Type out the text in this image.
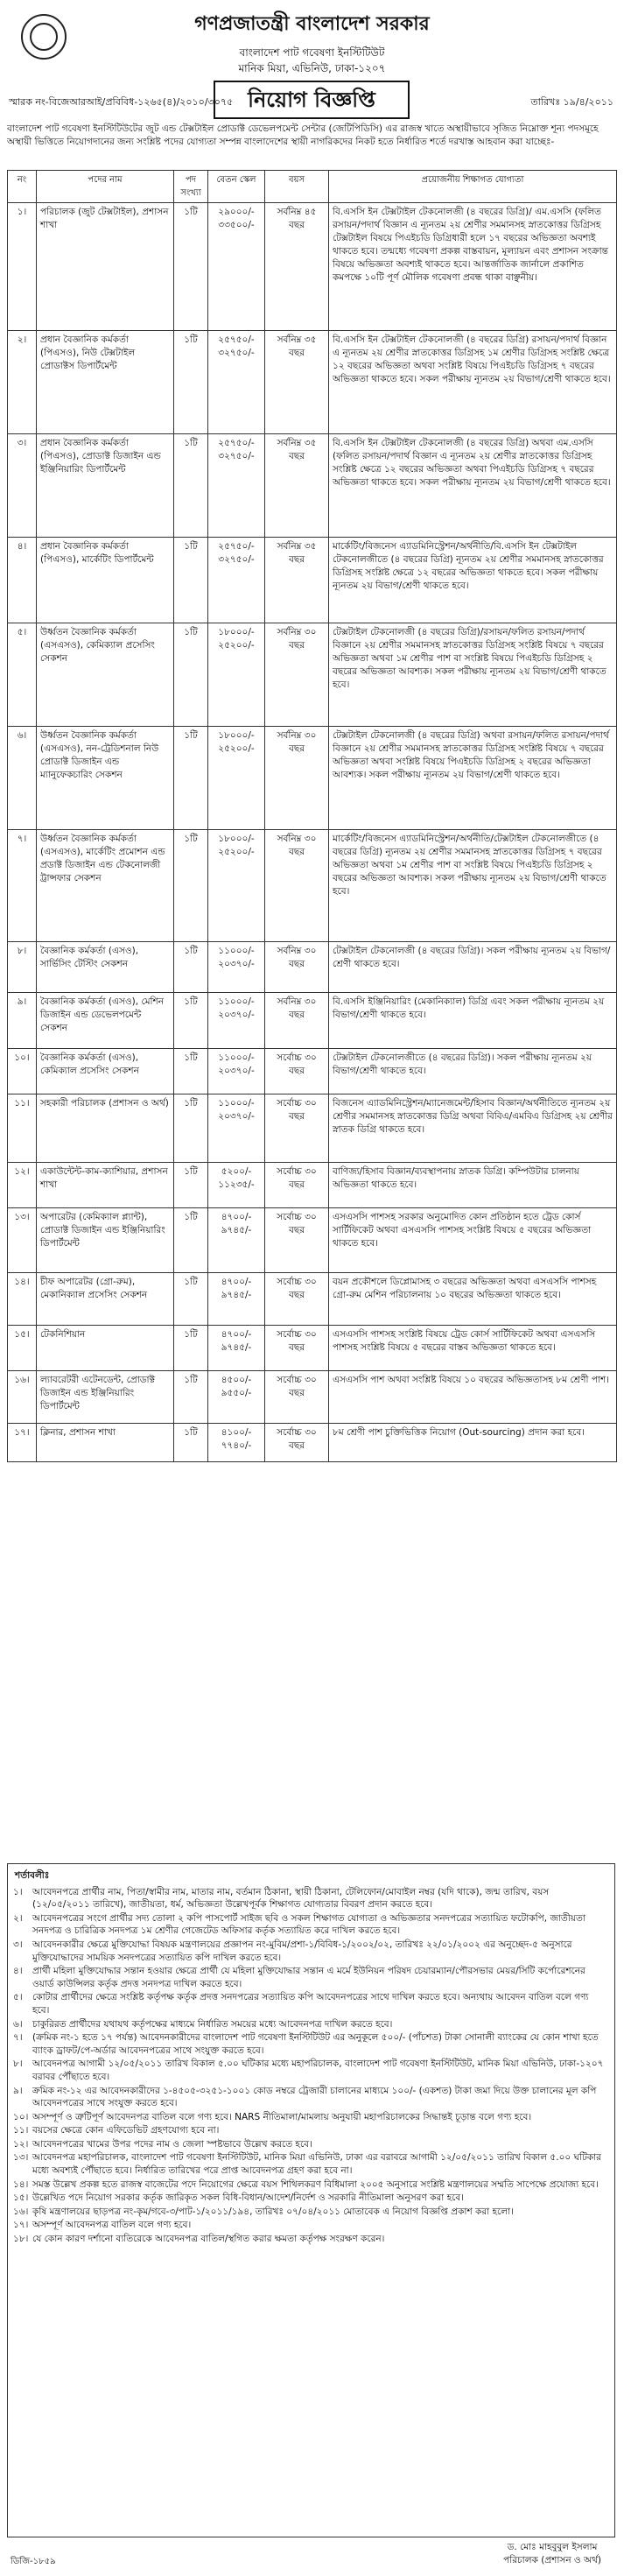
গণপ্রজাতন্ত্রী বাংলাদেশ সরকার
বাংলাদেশ পাট গবেষণা ইনস্টিটিউট
মানিক মিয়া, এভিনিউ, ঢাকা-১২০৭
নিয়োগ বিজ্ঞপ্তি
স্মারক নং-বিজেআরআই/প্রবিবিধ-১২৬৫(৪)/২০১০/৩০৭৫	তারিখঃ ১৯/৪/২০১১
বাংলাদেশ পাট গবেষণা ইনস্টিটিউটের জুট এন্ড টেক্সটাইল প্রোডাক্ট ডেভেলপমেন্ট সেন্টার (জেটিপিডিসি) এর রাজস্ব খাতে অস্থায়ীভাবে সৃজিত নিম্নোক্ত শূন্য পদসমূহে অস্থায়ী ভিত্তিতে নিয়োগদানের জন্য সংশ্লিষ্ট পদের যোগ্যতা সম্পন্ন বাংলাদেশের স্থায়ী নাগরিকদের নিকট হতে নির্ধারিত শর্তে দরখাস্ত আহবান করা যাচ্ছেঃ-
নং	পদের নাম	পদ সংখ্যা	বেতন স্কেল	বয়স	প্রয়োজনীয় শিক্ষাগত যোগ্যতা
১।	পরিচালক (জুট টেক্সটাইল), প্রশাসন শাখা	১টি	২৯০০০/- ৩৩৫০০/-	সর্বনিম্ন ৪৫ বছর	বি.এসসি ইন টেক্সটাইল টেকনোলজী (৪ বছরের ডিগ্রি)/ এম.এসসি (ফলিত রসায়ন/পদার্থ বিজ্ঞান এ ন্যূনতম ২য় শ্রেণীর সমমানসহ স্নাতকোত্তর ডিগ্রিসহ টেক্সটাইল বিষয়ে পিএইচডি ডিগ্রিধারী হলে ১৭ বছরের অভিজ্ঞতা অবশ্যই থাকতে হবে। তন্মধ্যে গবেষণা প্রকল্প বাস্তবায়ন, মূল্যায়ন এবং প্রশাসন সংক্রান্ত বিষয়ে অভিজ্ঞতা অবশ্যই থাকতে হবে। আন্তর্জাতিক জার্নালে প্রকাশিত কমপক্ষে ১০টি পূর্ণ মৌলিক গবেষণা প্রবন্ধ থাকা বাঞ্ছনীয়।
২।	প্রধান বৈজ্ঞানিক কর্মকর্তা (পিএসও), নিউ টেক্সটাইল প্রোডাক্টস ডিপার্টমেন্ট	১টি	২৫৭৫০/- ৩২৭৫০/-	সর্বনিম্ন ৩৫ বছর	বি.এসসি ইন টেক্সটাইল টেকনোলজী (৪ বছরের ডিগ্রি) রসায়ন/পদার্থ বিজ্ঞান এ ন্যূনতম ২য় শ্রেণীর স্নাতকোত্তর ডিগ্রিসহ ১ম শ্রেণীর ডিগ্রিসহ সংশ্লিষ্ট ক্ষেত্রে ১২ বছরের অভিজ্ঞতা অথবা সংশ্লিষ্ট বিষয়ে পিএইচডি ডিগ্রিসহ ৭ বছরের অভিজ্ঞতা থাকতে হবে। সকল পরীক্ষায় ন্যূনতম ২য় বিভাগ/শ্রেণী থাকতে হবে।
৩।	প্রধান বৈজ্ঞানিক কর্মকর্তা (পিএসও), প্রোডাক্ট ডিজাইন এন্ড ইঞ্জিনিয়ারিং ডিপার্টমেন্ট	১টি	২৫৭৫০/- ৩২৭৫০/-	সর্বনিম্ন ৩৫ বছর	বি.এসসি ইন টেক্সটাইল টেকনোলজী (৪ বছরের ডিগ্রি) অথবা এম.এসসি (ফলিত রসায়ন/পদার্থ বিজ্ঞান এ ন্যূনতম ২য় শ্রেণীর স্নাতকোত্তর ডিগ্রিসহ সংশ্লিষ্ট ক্ষেত্রে ১২ বছরের অভিজ্ঞতা অথবা পিএইচডি ডিগ্রিসহ ৭ বছরের অভিজ্ঞতা থাকতে হবে। সকল পরীক্ষায় ন্যূনতম ২য় বিভাগ/শ্রেণী থাকতে হবে।
৪।	প্রধান বৈজ্ঞানিক কর্মকর্তা (পিএসও), মার্কেটিং ডিপার্টমেন্ট	১টি	২৫৭৫০/- ৩২৭৫০/-	সর্বনিম্ন ৩৫ বছর	মার্কেটিং/বিজনেস এ্যাডমিনিস্ট্রেশন/অর্থনীতি/বি.এসসি ইন টেক্সটাইল টেকনোলজীতে (৪ বছরের ডিগ্রি) ন্যূনতম ২য় শ্রেণীর সমমানসহ স্নাতকোত্তর ডিগ্রিসহ সংশ্লিষ্ট ক্ষেত্রে ১২ বছরের অভিজ্ঞতা থাকতে হবে। সকল পরীক্ষায় ন্যূনতম ২য় বিভাগ/শ্রেণী থাকতে হবে।
৫।	উর্ধ্বতন বৈজ্ঞানিক কর্মকর্তা (এসএসও), কেমিক্যাল প্রসেসিং সেকশন	১টি	১৮০০০/- ২৫২০০/-	সর্বনিম্ন ৩০ বছর	টেক্সটাইল টেকনোলজী (৪ বছরের ডিগ্রি)/রসায়ন/ফলিত রসায়ন/পদার্থ বিজ্ঞানে ২য় শ্রেণীর সমমানসহ স্নাতকোত্তর ডিগ্রিসহ সংশ্লিষ্ট বিষয়ে ৭ বছরের অভিজ্ঞতা অথবা ১ম শ্রেণীর পাশ বা সংশ্লিষ্ট বিষয়ে পিএইচডি ডিগ্রিসহ ২ বছরের অভিজ্ঞতা আবশ্যক। সকল পরীক্ষায় ন্যূনতম ২য় বিভাগ/শ্রেণী থাকতে হবে।
৬।	উর্ধ্বতন বৈজ্ঞানিক কর্মকর্তা (এসএসও), নন-ট্রেডিশনাল নিউ প্রোডাক্ট ডিজাইন এন্ড ম্যানুফেকচারিং সেকশন	১টি	১৮০০০/- ২৫২০০/-	সর্বনিম্ন ৩০ বছর	টেক্সটাইল টেকনোলজী (৪ বছরের ডিগ্রি) অথবা রসায়ন/ফলিত রসায়ন/পদার্থ বিজ্ঞানে ২য় শ্রেণীর সমমানসহ স্নাতকোত্তর ডিগ্রিসহ সংশ্লিষ্ট বিষয়ে ৭ বছরের অভিজ্ঞতা অথবা সংশ্লিষ্ট বিষয়ে পিএইচডি ডিগ্রিসহ ২ বছরের অভিজ্ঞতা আবশ্যক। সকল পরীক্ষায় ন্যূনতম ২য় বিভাগ/শ্রেণী থাকতে হবে।
৭।	উর্ধ্বতন বৈজ্ঞানিক কর্মকর্তা (এসএসও), মার্কেটিং প্রমোশন এন্ড প্রডাক্ট ডিজাইন এন্ড টেকনোলজী ট্রান্সফার সেকশন	১টি	১৮০০০/- ২৫২০০/-	সর্বনিম্ন ৩০ বছর	মার্কেটিং/বিজনেস এ্যাডমিনিস্ট্রেশন/অর্থনীতি/টেক্সটাইল টেকনোলজীতে (৪ বছরের ডিগ্রি) ন্যূনতম ২য় শ্রেণীর সমমানসহ স্নাতকোত্তর ডিগ্রিসহ ৭ বছরের অভিজ্ঞতা অথবা ১ম শ্রেণীর পাশ বা সংশ্লিষ্ট বিষয়ে পিএইচডি ডিগ্রিসহ ২ বছরের অভিজ্ঞতা আবশ্যক। সকল পরীক্ষায় ন্যূনতম ২য় বিভাগ/শ্রেণী থাকতে হবে।
৮।	বৈজ্ঞানিক কর্মকর্তা (এসও), সার্ভিসিং টেস্টিং সেকশন	১টি	১১০০০/- ২০৩৭০/-	সর্বনিম্ন ৩০ বছর	টেক্সটাইল টেকনোলজী (৪ বছরের ডিগ্রি)। সকল পরীক্ষায় ন্যূনতম ২য় বিভাগ/শ্রেণী থাকতে হবে।
৯।	বৈজ্ঞানিক কর্মকর্তা (এসও), মেশিন ডিজাইন এন্ড ডেভেলপমেন্ট সেকশন	১টি	১১০০০/- ২০৩৭০/-	সর্বনিম্ন ৩০ বছর	বি.এসসি ইঞ্জিনিয়ারিং (মেকানিক্যাল) ডিগ্রি এবং সকল পরীক্ষায় ন্যূনতম ২য় বিভাগ/শ্রেণী থাকতে হবে।
১০।	বৈজ্ঞানিক কর্মকর্তা (এসও), কেমিক্যাল প্রসেসিং সেকশন	১টি	১১০০০/- ২০৩৭০/-	সর্বোচ্চ ৩০ বছর	টেক্সটাইল টেকনোলজীতে (৪ বছরের ডিগ্রি)। সকল পরীক্ষায় ন্যূনতম ২য় বিভাগ/শ্রেণী থাকতে হবে।
১১।	সহকারী পরিচালক (প্রশাসন ও অর্থ)	১টি	১১০০০/- ২০৩৭০/-	সর্বোচ্চ ৩০ বছর	বিজনেস এ্যাডমিনিস্ট্রেশন/ম্যানেজমেন্ট/হিসাব বিজ্ঞান/অর্থনীতিতে ন্যূনতম ২য় শ্রেণীর সমমানসহ স্নাতকোত্তর ডিগ্রি অথবা বিবিএ/এমবিএ ডিগ্রিসহ ২য় শ্রেণীর স্নাতক ডিগ্রি থাকতে হবে।
১২।	একাউন্টেন্ট-কাম-ক্যাশিয়ার, প্রশাসন শাখা	১টি	৫২০০/- ১১২৩৫/-	সর্বোচ্চ ৩০ বছর	বাণিজ্য/হিসাব বিজ্ঞান/ব্যবস্থাপনায় স্নাতক ডিগ্রি। কম্পিউটার চালনায় অভিজ্ঞতা থাকতে হবে।
১৩।	অপারেটর (কেমিক্যাল প্ল্যান্ট), প্রোডাক্ট ডিজাইন এন্ড ইঞ্জিনিয়ারিং ডিপার্টমেন্ট	১টি	৪৭০০/- ৯৭৪৫/-	সর্বোচ্চ ৩০ বছর	এসএসসি পাশসহ সরকার অনুমোদিত কোন প্রতিষ্ঠান হতে ট্রেড কোর্স সার্টিফিকেট অথবা এসএসসি পাশসহ সংশ্লিষ্ট বিষয়ে ৫ বছরের অভিজ্ঞতা থাকতে হবে।
১৪।	চীফ অপারেটর (গ্রো-রুম), মেকানিক্যাল প্রসেসিং সেকশন	১টি	৪৭০০/- ৯৭৪৫/-	সর্বোচ্চ ৩০ বছর	বয়ন প্রকৌশলে ডিপ্লোমাসহ ৩ বছরের অভিজ্ঞতা অথবা এসএসসি পাশসহ গ্রো-রুম মেশিন পরিচালনায় ১০ বছরের অভিজ্ঞতা থাকতে হবে।
১৫।	টেকনিশিয়ান	১টি	৪৭০০/- ৯৭৪৫/-	সর্বোচ্চ ৩০ বছর	এসএসসি পাশসহ সংশ্লিষ্ট বিষয়ে ট্রেড কোর্স সার্টিফিকেট অথবা এসএসসি পাশসহ সংশ্লিষ্ট বিষয়ে ৫ বছরের বাস্তব অভিজ্ঞতা থাকতে হবে।
১৬।	ল্যাবরেটরী এটেনডেন্ট, প্রোডাক্ট ডিজাইন এন্ড ইঞ্জিনিয়ারিং ডিপার্টমেন্ট	১টি	৪৫০০/- ৯৫৫০/-	সর্বোচ্চ ৩০ বছর	এসএসসি পাশ অথবা সংশ্লিষ্ট বিষয়ে ১০ বছরের অভিজ্ঞতাসহ ৮ম শ্রেণী পাশ।
১৭।	ক্লিনার, প্রশাসন শাখা	১টি	৪১০০/- ৭৭৪০/-	সর্বোচ্চ ৩০ বছর	৮ম শ্রেণী পাশ চুক্তিভিত্তিক নিয়োগ (Out-sourcing) প্রদান করা হবে।
শর্তাবলীঃ
১।	আবেদনপত্রে প্রার্থীর নাম, পিতা/স্বামীর নাম, মাতার নাম, বর্তমান ঠিকানা, স্থায়ী ঠিকানা, টেলিফোন/মোবাইল নম্বর (যদি থাকে), জন্ম তারিখ, বয়স (১২/০৫/২০১১ তারিখে), জাতীয়তা, ধর্ম, অভিজ্ঞতা উল্লেখপূর্বক শিক্ষাগত যোগ্যতার বিবরণ প্রদান করতে হবে।
২।	আবেদনপত্রের সংগে প্রার্থীর সদ্য তোলা ২ কপি পাসপোর্ট সাইজ ছবি ও সকল শিক্ষাগত যোগ্যতা ও অভিজ্ঞতার সনদপত্রের সত্যায়িত ফটোকপি, জাতীয়তা সনদপত্র ও চারিত্রিক সনদপত্র ১ম শ্রেণীর গেজেটেড অফিসার কর্তৃক সত্যায়িত করে দাখিল করতে হবে।
৩।	আবেদনকারীর ক্ষেত্রে মুক্তিযোদ্ধা বিষয়ক মন্ত্রণালয়ের প্রজ্ঞাপন নং-মুবিম/প্রশা-১/বিবিধ-১/২০০২/০২, তারিখঃ ২২/০১/২০০২ এর অনুচ্ছেদ-৫ অনুসারে মুক্তিযোদ্ধাদের সাময়িক সনদপত্রের সত্যায়িত কপি দাখিল করতে হবে।
৪।	প্রার্থী মহিলা মুক্তিযোদ্ধার সন্তান হওয়ার ক্ষেত্রে প্রার্থী যে মহিলা মুক্তিযোদ্ধার সন্তান এ মর্মে ইউনিয়ন পরিষদ চেয়ারম্যান/পৌরসভার মেয়র/সিটি কর্পোরেশনের ওয়ার্ড কাউন্সিলর কর্তৃক প্রদত্ত সনদপত্র দাখিল করতে হবে।
৫।	কোটার প্রার্থীদের ক্ষেত্রে সংশ্লিষ্ট কর্তৃপক্ষ কর্তৃক প্রদত্ত সনদপত্রের সত্যায়িত কপি আবেদনপত্রের সাথে দাখিল করতে হবে। অন্যথায় আবেদন বাতিল বলে গণ্য হবে।
৬।	চাকুরিরত প্রার্থীদের যথাযথ কর্তৃপক্ষের মাধ্যমে নির্ধারিত সময়ের মধ্যে আবেদনপত্র দাখিল করতে হবে।
৭।	(ক্রমিক নং-১ হতে ১৭ পর্যন্ত) আবেদনকারীদের বাংলাদেশ পাট গবেষণা ইনস্টিটিউট এর অনুকূলে ৫০০/- (পাঁচশত) টাকা সোনালী ব্যাংকের যে কোন শাখা হতে ব্যাংক ড্রাফট/পে-অর্ডার আবেদনপত্রের সাথে সংযুক্ত করতে হবে।
৮।	আবেদনপত্র আগামী ১২/০৫/২০১১ তারিখ বিকাল ৫.০০ ঘটিকার মধ্যে মহাপরিচালক, বাংলাদেশ পাট গবেষণা ইনস্টিটিউট, মানিক মিয়া এভিনিউ, ঢাকা-১২০৭ বরাবর পৌঁছাতে হবে।
৯।	ক্রমিক নং-১২ এর আবেদনকারীদের ১-৪৫০৫-৩২৫১-১০০১ কোড নম্বরে ট্রেজারী চালানের মাধ্যমে ১০০/- (একশত) টাকা জমা দিয়ে উক্ত চালানের মূল কপি আবেদনপত্রের সাথে সংযুক্ত করতে হবে।
১০। অসম্পূর্ণ ও ত্রুটিপূর্ণ আবেদনপত্র বাতিল বলে গণ্য হবে। NARS নীতিমালা/মামলায় অনুযায়ী মহাপরিচালকের সিদ্ধান্তই চূড়ান্ত বলে গণ্য হবে।
১১। বয়সের ক্ষেত্রে কোন এফিডেভিট গ্রহণযোগ্য হবে না।
১২। আবেদনপত্রের খামের উপর পদের নাম ও জেলা স্পষ্টভাবে উল্লেখ করতে হবে।
১৩। আবেদনপত্র মহাপরিচালক, বাংলাদেশ পাট গবেষণা ইনস্টিটিউট, মানিক মিয়া এভিনিউ, ঢাকা এর বরাবরে আগামী ১২/০৫/২০১১ তারিখ বিকাল ৫.০০ ঘটিকার মধ্যে অবশ্যই পৌঁছাতে হবে। নির্ধারিত তারিখের পরে প্রাপ্ত আবেদনপত্র গ্রহণ করা হবে না।
১৪। সমস্ত উল্লেখ প্রকল্প হতে রাজস্ব বাজেটের পদে নিয়োগের ক্ষেত্রে বয়স শিথিলকরণ বিধিমালা ২০০৫ অনুসারে সংশ্লিষ্ট মন্ত্রণালয়ের সম্মতি সাপেক্ষে প্রযোজ্য হবে।
১৫। উল্লেখিত পদে নিয়োগ সরকার কর্তৃক জারিকৃত সকল বিধি-বিধান/আদেশ/নির্দেশ ও সরকারি নীতিমালা অনুসরণ করা হবে।
১৬। কৃষি মন্ত্রণালয়ের ছাড়পত্র নং-কৃম/গবে-৩/পাট-১/২০১১/১৯৪, তারিখঃ ০৭/০৪/২০১১ মোতাবেক এ নিয়োগ বিজ্ঞপ্তি প্রকাশ করা হলো।
১৭। অসম্পূর্ণ আবেদনপত্র বাতিল বলে গণ্য হবে।
১৮। যে কোন কারণ দর্শানো ব্যতিরেকে আবেদনপত্র বাতিল/স্থগিত করার ক্ষমতা কর্তৃপক্ষ সংরক্ষণ করেন।
ড. মোঃ মাহবুবুল ইসলাম
পরিচালক (প্রশাসন ও অর্থ)
ডিজি-১৮৫৯
